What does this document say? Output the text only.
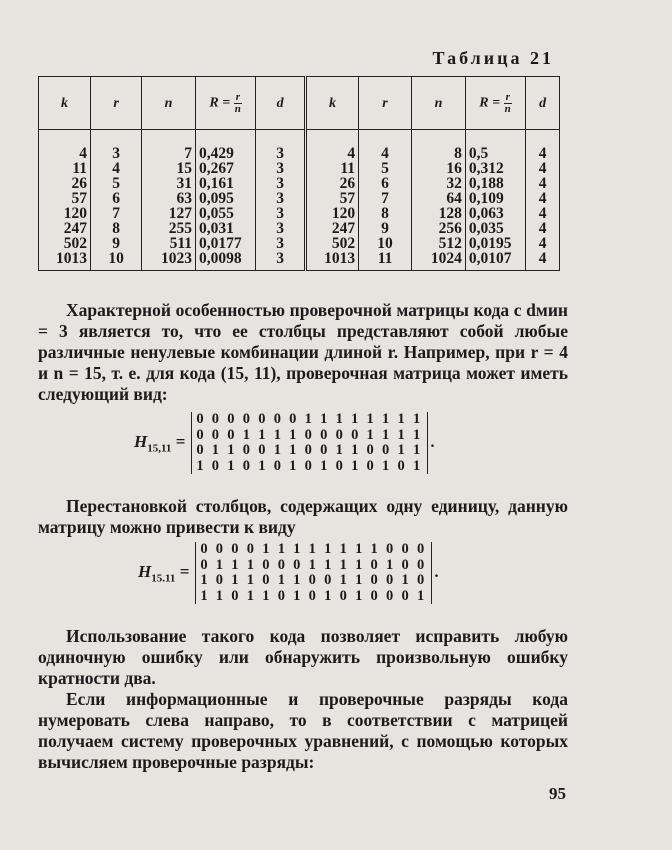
Таблица 21
k	r	n	$R = \frac{r}{n}$	d	k	r	n	$R = \frac{r}{n}$	d
4	3	7	0,429	3	4	4	8	0,5	4
11	4	15	0,267	3	11	5	16	0,312	4
26	5	31	0,161	3	26	6	32	0,188	4
57	6	63	0,095	3	57	7	64	0,109	4
120	7	127	0,055	3	120	8	128	0,063	4
247	8	255	0,031	3	247	9	256	0,035	4
502	9	511	0,0177	3	502	10	512	0,0195	4
1013	10	1023	0,0098	3	1013	11	1024	0,0107	4

Характерной особенностью проверочной матрицы кода с dмин = 3 является то, что ее столбцы представляют собой любые различные ненулевые комбинации длиной r. Например, при r = 4 и n = 15, т. е. для кода (15, 11), проверочная матрица может иметь следующий вид:

$H_{15,11}$ =
0 0 0 0 0 0 0 1 1 1 1 1 1 1 1
0 0 0 1 1 1 1 0 0 0 0 1 1 1 1
0 1 1 0 0 1 1 0 0 1 1 0 0 1 1
1 0 1 0 1 0 1 0 1 0 1 0 1 0 1
.

Перестановкой столбцов, содержащих одну единицу, данную матрицу можно привести к виду

$H_{15.11}$ =
0 0 0 0 1 1 1 1 1 1 1 1 0 0 0
0 1 1 1 0 0 0 1 1 1 1 0 1 0 0
1 0 1 1 0 1 1 0 0 1 1 0 0 1 0
1 1 0 1 1 0 1 0 1 0 1 0 0 0 1
.

Использование такого кода позволяет исправить любую одиночную ошибку или обнаружить произвольную ошибку кратности два.

Если информационные и проверочные разряды кода нумеровать слева направо, то в соответствии с матрицей получаем систему проверочных уравнений, с помощью которых вычисляем проверочные разряды:

95
